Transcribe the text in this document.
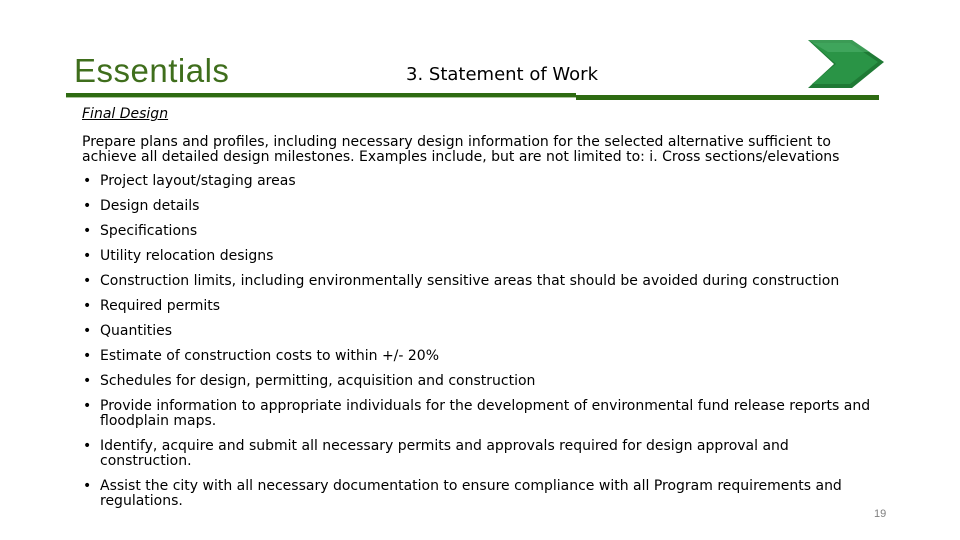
Essentials	3. Statement of Work
Final Design
Prepare plans and profiles, including necessary design information for the selected alternative sufficient to achieve all detailed design milestones. Examples include, but are not limited to: i. Cross sections/elevations
• Project layout/staging areas
• Design details
• Specifications
• Utility relocation designs
• Construction limits, including environmentally sensitive areas that should be avoided during construction
• Required permits
• Quantities
• Estimate of construction costs to within +/- 20%
• Schedules for design, permitting, acquisition and construction
• Provide information to appropriate individuals for the development of environmental fund release reports and floodplain maps.
• Identify, acquire and submit all necessary permits and approvals required for design approval and construction.
• Assist the city with all necessary documentation to ensure compliance with all Program requirements and regulations.
19
